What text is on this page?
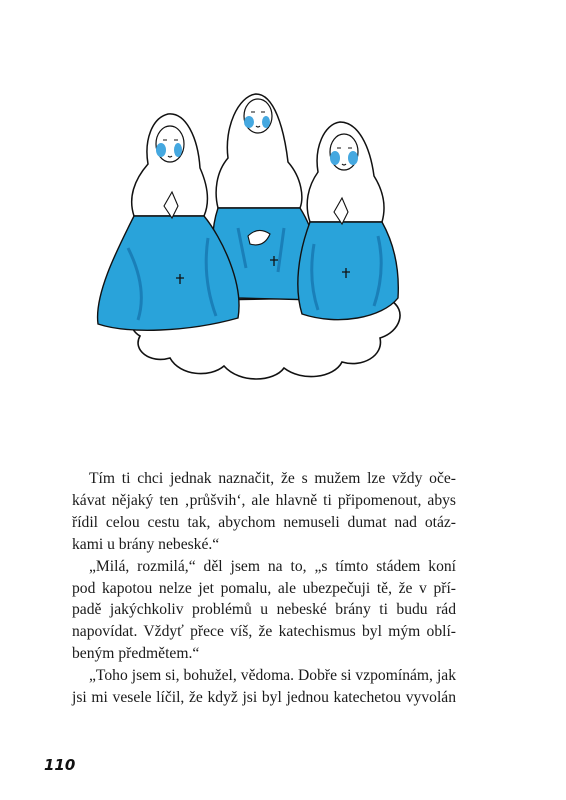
Tím ti chci jednak naznačit, že s mužem lze vždy oče-
kávat nějaký ten ‚průšvih‘, ale hlavně ti připomenout, abys
řídil celou cestu tak, abychom nemuseli dumat nad otáz-
kami u brány nebeské.“
„Milá, rozmilá,“ děl jsem na to, „s tímto stádem koní
pod kapotou nelze jet pomalu, ale ubezpečuji tě, že v pří-
padě jakýchkoliv problémů u nebeské brány ti budu rád
napovídat. Vždyť přece víš, že katechismus byl mým oblí-
beným předmětem.“
„Toho jsem si, bohužel, vědoma. Dobře si vzpomínám, jak
jsi mi vesele líčil, že když jsi byl jednou katechetou vyvolán
110
